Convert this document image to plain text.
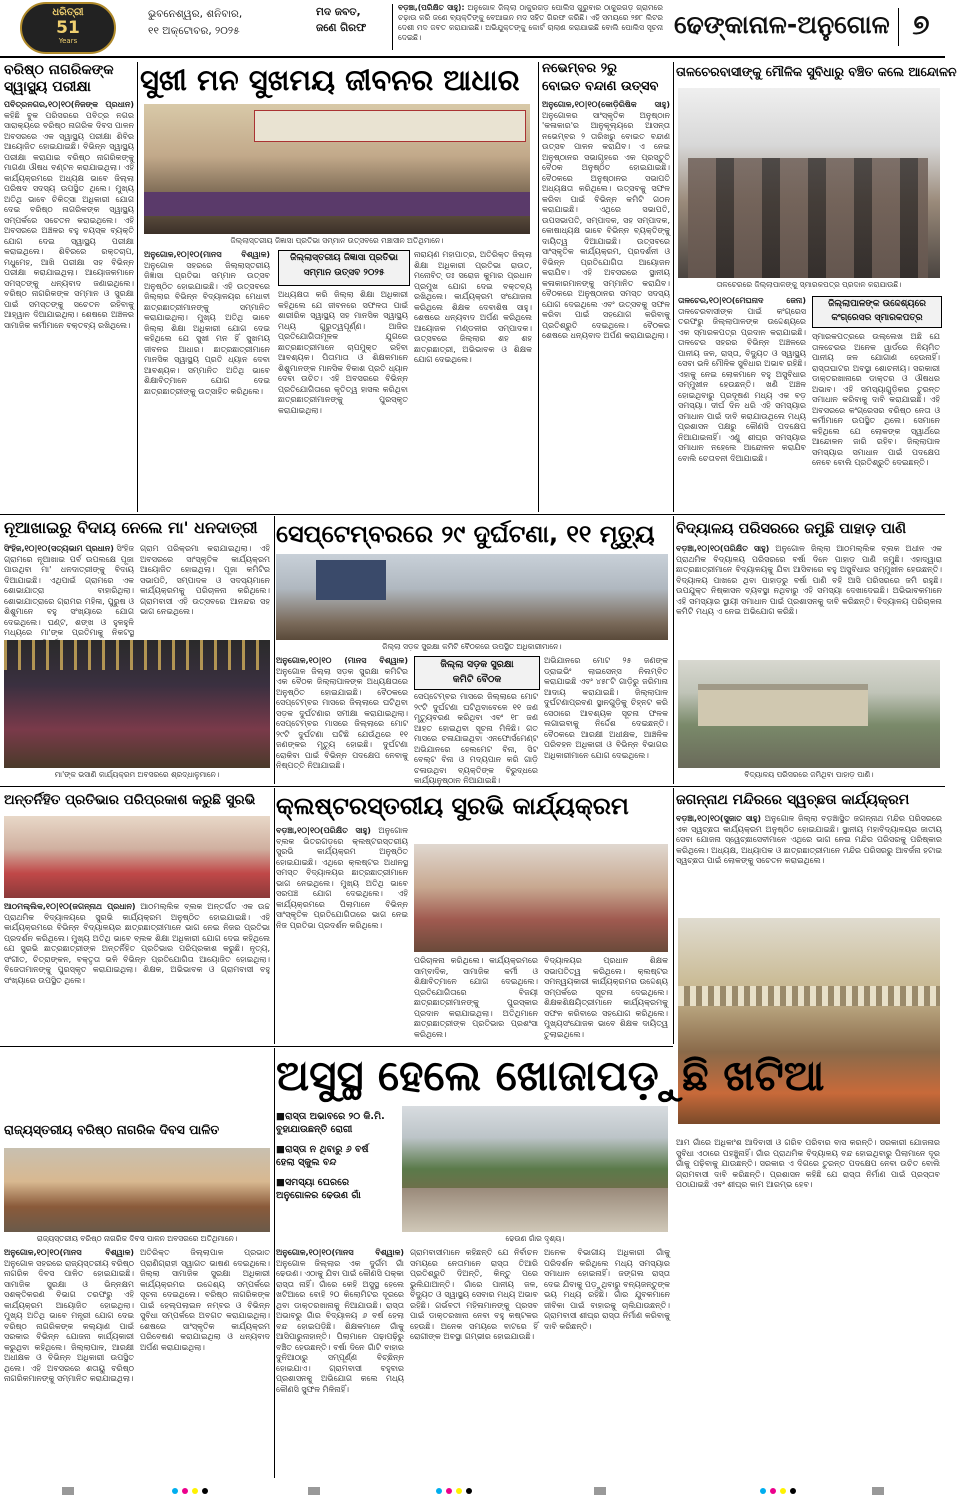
ଧରିତ୍ରୀ
51
Years
ଭୁବନେଶ୍ୱର, ଶନିବାର,
୧୧ ଅକ୍ଟୋବର, ୨୦୨୫
ମଦ ଜବତ,
ଜଣେ ଗିରଫ
ବଡ଼ଞ୍ଚା,(ପରିକ୍ଷିତ ସାହୁ): ଅନୁଗୋଳ ଜିଲ୍ଲା ଠାକୁରଗଡ଼ ପୋଲିସ ଗୁରୁବାର ଠାକୁରଗଡ଼ ଗ୍ରାମରେ ଚଢ଼ାଉ କରି ଜଣେ ବ୍ୟକ୍ତିଙ୍କୁ ବେଆଇନ ମଦ ସହିତ ଗିରଫ କରିଛି। ଏହି ସମୟରେ ୨୭୮ ଲିଟର ଦେଶୀ ମଦ ଜବତ କରାଯାଇଛି। ଅଭିଯୁକ୍ତଙ୍କୁ କୋର୍ଟ ଚାଲାଣ କରାଯାଇଛି ବୋଲି ପୋଲିସ ସୂଚନା ଦେଇଛି।	ଢେଙ୍କାନାଳ-ଅନୁଗୋଳ ୭
ବରିଷ୍ଠ ନାଗରିକଙ୍କ
ସ୍ୱାସ୍ଥ୍ୟ ପରୀକ୍ଷା
ପବିତ୍ରନଗର,୧୦|୧୦(ନିଜଙ୍କ ପ୍ରଧାନ) କହିଛି ବୁକ ପରିସରରେ ପବିତ୍ର ନଗର ସାରାକ୍ୟରେ ବରିଷ୍ଠ ନାଗରିକ ଦିବସ ପାଳନ ଅବସରରେ ଏକ ସ୍ୱାସ୍ଥ୍ୟ ପରୀକ୍ଷା ଶିବିର ଆୟୋଜିତ ହୋଇଯାଇଛି। ବିଭିନ୍ନ ସ୍ୱାସ୍ଥ୍ୟ ପରୀକ୍ଷା କରାଯାଇ ବରିଷ୍ଠ ନାଗରିକଙ୍କୁ ମାଗଣା ଔଷଧ ବଣ୍ଟନ କରାଯାଇଥିଲା। ଏହି କାର୍ଯ୍ୟକ୍ରମରେ ଅଧ୍ୟକ୍ଷ ଭାବେ ଜିଲ୍ଲା ପରିଷଦ ସଦସ୍ୟ ଉପସ୍ଥିତ ଥିଲେ। ମୁଖ୍ୟ ଅତିଥି ଭାବେ ଚିକିତ୍ସା ଅଧିକାରୀ ଯୋଗ ଦେଇ ବରିଷ୍ଠ ନାଗରିକଙ୍କ ସ୍ୱାସ୍ଥ୍ୟ ସମ୍ପର୍କରେ ସଚେତନ କରାଇଥିଲେ। ଏହି ଅବସରରେ ଅଞ୍ଚଳର ବହୁ ବୟସ୍କ ବ୍ୟକ୍ତି ଯୋଗ ଦେଇ ସ୍ୱାସ୍ଥ୍ୟ ପରୀକ୍ଷା କରାଇଥିଲେ। ଶିବିରରେ ରକ୍ତଚାପ, ମଧୁମେହ, ଆଖି ପରୀକ୍ଷା ସହ ବିଭିନ୍ନ ପରୀକ୍ଷା କରାଯାଇଥିଲା। ଆୟୋଜକମାନେ ସମସ୍ତଙ୍କୁ ଧନ୍ୟବାଦ ଜଣାଇଥିଲେ। ବରିଷ୍ଠ ନାଗରିକଙ୍କ ସମ୍ମାନ ଓ ସୁରକ୍ଷା ପାଇଁ ସମସ୍ତଙ୍କୁ ସଚେତନ ରହିବାକୁ ଆହ୍ୱାନ ଦିଆଯାଇଥିଲା। ଶେଷରେ ଅଞ୍ଚଳର ସାମାଜିକ କର୍ମୀମାନେ ବକ୍ତବ୍ୟ ରଖିଥିଲେ।
ସୁଖୀ ମନ ସୁଖମୟ ଜୀବନର ଆଧାର
ଜିଲ୍ଲାସ୍ତରୀୟ ଜିଜ୍ଞାସା ପ୍ରତିଭା ସମ୍ମାନ ଉତ୍ସବରେ ମଞ୍ଚାସୀନ ଅତିଥିମାନେ।
ଅନୁଗୋଳ,୧୦|୧୦(ମାନସ ବିଶ୍ୱାଳ) ଅନୁଗୋଳ ସହରରେ ଜିଲ୍ଲାସ୍ତରୀୟ ଜିଜ୍ଞାସା ପ୍ରତିଭା ସମ୍ମାନ ଉତ୍ସବ ଅନୁଷ୍ଠିତ ହୋଇଯାଇଛି। ଏହି ଉତ୍ସବରେ ଜିଲ୍ଲାର ବିଭିନ୍ନ ବିଦ୍ୟାଳୟର ମେଧାବୀ ଛାତ୍ରଛାତ୍ରୀମାନଙ୍କୁ ସମ୍ମାନିତ କରାଯାଇଥିଲା। ମୁଖ୍ୟ ଅତିଥି ଭାବେ ଜିଲ୍ଲା ଶିକ୍ଷା ଅଧିକାରୀ ଯୋଗ ଦେଇ କହିଥିଲେ ଯେ ସୁଖୀ ମନ ହିଁ ସୁଖମୟ ଜୀବନର ଆଧାର। ଛାତ୍ରଛାତ୍ରୀମାନେ ମାନସିକ ସ୍ୱାସ୍ଥ୍ୟ ପ୍ରତି ଧ୍ୟାନ ଦେବା ଆବଶ୍ୟକ। ସମ୍ମାନିତ ଅତିଥି ଭାବେ ଶିକ୍ଷାବିତ୍ମାନେ ଯୋଗ ଦେଇ ଛାତ୍ରଛାତ୍ରୀଙ୍କୁ ଉତ୍ସାହିତ କରିଥିଲେ।
ଜିଲ୍ଲାସ୍ତରୀୟ ଜିଜ୍ଞାସା ପ୍ରତିଭା
ସମ୍ମାନ ଉତ୍ସବ ୨୦୨୫
ଅଧ୍ୟକ୍ଷତା କରି ଜିଲ୍ଲା ଶିକ୍ଷା ଅଧିକାରୀ କହିଥିଲେ ଯେ ଜୀବନରେ ସଫଳତା ପାଇଁ ଶାରୀରିକ ସ୍ୱାସ୍ଥ୍ୟ ସହ ମାନସିକ ସ୍ୱାସ୍ଥ୍ୟ ମଧ୍ୟ ଗୁରୁତ୍ୱପୂର୍ଣ୍ଣ। ଆଜିର ପ୍ରତିଯୋଗିତାମୂଳକ ଯୁଗରେ ଛାତ୍ରଛାତ୍ରୀମାନେ ଚାପମୁକ୍ତ ରହିବା ଆବଶ୍ୟକ। ପିତାମାତା ଓ ଶିକ୍ଷକମାନେ ଶିଶୁମାନଙ୍କ ମାନସିକ ବିକାଶ ପ୍ରତି ଧ୍ୟାନ ଦେବା ଉଚିତ। ଏହି ଅବସରରେ ବିଭିନ୍ନ ପ୍ରତିଯୋଗିତାରେ କୃତିତ୍ୱ ହାସଲ କରିଥିବା ଛାତ୍ରଛାତ୍ରୀମାନଙ୍କୁ ପୁରସ୍କୃତ କରାଯାଇଥିଲା।
ନାରାୟଣ ମହାପାତ୍ର, ଅତିରିକ୍ତ ଜିଲ୍ଲା ଶିକ୍ଷା ଅଧିକାରୀ ପ୍ରତିଭା ରାଉତ, ମନୋବିତ୍ ଡଃ ସରୋଜ କୁମାର ପ୍ରଧାନ ପ୍ରମୁଖ ଯୋଗ ଦେଇ ବକ୍ତବ୍ୟ ରଖିଥିଲେ। କାର୍ଯ୍ୟକ୍ରମ ସଂଯୋଜନା କରିଥିଲେ ଶିକ୍ଷକ ଦେବାଶିଷ ସାହୁ। ଶେଷରେ ଧନ୍ୟବାଦ ଅର୍ପଣ କରିଥିଲେ ଆୟୋଜକ ମଣ୍ଡଳୀର ସମ୍ପାଦକ। ଉତ୍ସବରେ ଜିଲ୍ଲାର ଶହ ଶହ ଛାତ୍ରଛାତ୍ରୀ, ଅଭିଭାବକ ଓ ଶିକ୍ଷକ ଯୋଗ ଦେଇଥିଲେ।
ନଭେମ୍ବର ୨ରୁ
ବୋଇତ ବନ୍ଦାଣ ଉତ୍ସବ
ଅନୁଗୋଳ,୧୦|୧୦(କୋଡ଼ିରିଷିକ ସାହୁ) ଅନୁଗୋଳର ସାଂସ୍କୃତିକ ଅନୁଷ୍ଠାନ 'କଳାକାର'ର ଆନୁକୂଲ୍ୟରେ ଆସନ୍ତା ନଭେମ୍ବର ୨ ତାରିଖରୁ ବୋଇତ ବନ୍ଦାଣ ଉତ୍ସବ ପାଳନ କରାଯିବ। ଏ ନେଇ ଅନୁଷ୍ଠାନର ସଭାଗୃହରେ ଏକ ପ୍ରସ୍ତୁତି ବୈଠକ ଅନୁଷ୍ଠିତ ହୋଇଯାଇଛି। ବୈଠକରେ ଅନୁଷ୍ଠାନର ସଭାପତି ଅଧ୍ୟକ୍ଷତା କରିଥିଲେ। ଉତ୍ସବକୁ ସଫଳ କରିବା ପାଇଁ ବିଭିନ୍ନ କମିଟି ଗଠନ କରାଯାଇଛି। ଏଥିରେ ସଭାପତି, ଉପସଭାପତି, ସମ୍ପାଦକ, ସହ ସମ୍ପାଦକ, କୋଷାଧ୍ୟକ୍ଷ ଭାବେ ବିଭିନ୍ନ ବ୍ୟକ୍ତିଙ୍କୁ ଦାୟିତ୍ୱ ଦିଆଯାଇଛି। ଉତ୍ସବରେ ସାଂସ୍କୃତିକ କାର୍ଯ୍ୟକ୍ରମ, ପ୍ରଦର୍ଶନୀ ଓ ବିଭିନ୍ନ ପ୍ରତିଯୋଗିତା ଆୟୋଜନ କରାଯିବ। ଏହି ଅବସରରେ ସ୍ଥାନୀୟ କଳାକାରମାନଙ୍କୁ ସମ୍ମାନିତ କରାଯିବ। ବୈଠକରେ ଅନୁଷ୍ଠାନର ସମସ୍ତ ସଦସ୍ୟ ଯୋଗ ଦେଇଥିଲେ ଏବଂ ଉତ୍ସବକୁ ସଫଳ କରିବା ପାଇଁ ସହଯୋଗ କରିବାକୁ ପ୍ରତିଶ୍ରୁତି ଦେଇଥିଲେ। ବୈଠକର ଶେଷରେ ଧନ୍ୟବାଦ ଅର୍ପଣ କରାଯାଇଥିଲା।
ତାଳଚେରବାସୀଙ୍କୁ ମୌଳିକ ସୁବିଧାରୁ ବଞ୍ଚିତ କଲେ ଆନ୍ଦୋଳନ
ତାଳଚେରରେ ଜିଲ୍ଲାପାଳଙ୍କୁ ସ୍ମାରକପତ୍ର ପ୍ରଦାନ କରାଯାଉଛି।
ତାଳଚେର,୧୦|୧୦(ମେଘନାଦ ଜେନା) ତାଳଚେରବାସୀଙ୍କ ପାଇଁ କଂଗ୍ରେସ ତରଫରୁ ଜିଲ୍ଲାପାଳଙ୍କ ଉଦ୍ଦେଶ୍ୟରେ ଏକ ସ୍ମାରକପତ୍ର ପ୍ରଦାନ କରାଯାଇଛି। ତାଳଚେର ସହରର ବିଭିନ୍ନ ଅଞ୍ଚଳରେ ପାନୀୟ ଜଳ, ରାସ୍ତା, ବିଦ୍ୟୁତ ଓ ସ୍ୱାସ୍ଥ୍ୟ ସେବା ଭଳି ମୌଳିକ ସୁବିଧାର ଅଭାବ ରହିଛି। ଏହାକୁ ନେଇ ଲୋକମାନେ ବହୁ ଅସୁବିଧାର ସମ୍ମୁଖୀନ ହେଉଛନ୍ତି। ଖଣି ଅଞ୍ଚଳ ହୋଇଥିବାରୁ ପ୍ରଦୂଷଣ ମଧ୍ୟ ଏକ ବଡ଼ ସମସ୍ୟା। ଦୀର୍ଘ ଦିନ ଧରି ଏହି ସମସ୍ୟାର ସମାଧାନ ପାଇଁ ଦାବି କରାଯାଉଥିଲେ ମଧ୍ୟ ପ୍ରଶାସନ ପକ୍ଷରୁ କୌଣସି ପଦକ୍ଷେପ ନିଆଯାଇନାହିଁ। ଏଣୁ ଶୀଘ୍ର ସମସ୍ୟାର ସମାଧାନ ନହେଲେ ଆନ୍ଦୋଳନ କରାଯିବ ବୋଲି ଚେତାବନୀ ଦିଆଯାଇଛି।
ଜିଲ୍ଲାପାଳଙ୍କ ଉଦ୍ଦେଶ୍ୟରେ କଂଗ୍ରେସର ସ୍ମାରକପତ୍ର
ସ୍ମାରକପତ୍ରରେ ଉଲ୍ଲେଖ ଅଛି ଯେ ତାଳଚେରର ଅନେକ ୱାର୍ଡରେ ନିୟମିତ ପାନୀୟ ଜଳ ଯୋଗାଣ ହେଉନାହିଁ। ରାସ୍ତାଘାଟର ଅବସ୍ଥା ଶୋଚନୀୟ। ସରକାରୀ ଡାକ୍ତରଖାନାରେ ଡାକ୍ତର ଓ ଔଷଧର ଅଭାବ। ଏହି ସମସ୍ୟାଗୁଡ଼ିକର ତୁରନ୍ତ ସମାଧାନ କରିବାକୁ ଦାବି କରାଯାଇଛି। ଏହି ଅବସରରେ କଂଗ୍ରେସର ବରିଷ୍ଠ ନେତା ଓ କର୍ମୀମାନେ ଉପସ୍ଥିତ ଥିଲେ। ସେମାନେ କହିଥିଲେ ଯେ ଲୋକଙ୍କ ସ୍ୱାର୍ଥରେ ଆନ୍ଦୋଳନ ଜାରି ରହିବ। ଜିଲ୍ଲାପାଳ ସମସ୍ୟାର ସମାଧାନ ପାଇଁ ପଦକ୍ଷେପ ନେବେ ବୋଲି ପ୍ରତିଶ୍ରୁତି ଦେଇଛନ୍ତି।
ନୂଆଖାଇରୁ ବିଦାୟ ନେଲେ ମା' ଧନଦାତ୍ରୀ
ସିଂହିଜ,୧୦|୧୦(ସତ୍ୟଭାମ ପ୍ରଧାନ) ସିଂହିଜ ଗ୍ରାମରେ ନୂଆଖାଇ ପର୍ବ ଉପଲକ୍ଷେ ପୂଜା ପାଉଥିବା ମା' ଧନଦାତ୍ରୀଙ୍କୁ ବିଦାୟ ଦିଆଯାଇଛି। ଏଥିପାଇଁ ଗ୍ରାମରେ ଏକ ଶୋଭାଯାତ୍ରା ବାହାରିଥିଲା। ଶୋଭାଯାତ୍ରାରେ ଗ୍ରାମର ମହିଳା, ପୁରୁଷ ଓ ଶିଶୁମାନେ ବହୁ ସଂଖ୍ୟାରେ ଯୋଗ ଦେଇଥିଲେ। ଘଣ୍ଟ, ଶଙ୍ଖ ଓ ହୁଳହୁଳି ମଧ୍ୟରେ ମା'ଙ୍କ ପ୍ରତିମାକୁ ନିକଟସ୍ଥ
ଗ୍ରାମ ପରିକ୍ରମା କରାଯାଇଥିଲା। ଏହି ଅବସରରେ ସାଂସ୍କୃତିକ କାର୍ଯ୍ୟକ୍ରମ ଆୟୋଜିତ ହୋଇଥିଲା। ପୂଜା କମିଟିର ସଭାପତି, ସମ୍ପାଦକ ଓ ସଦସ୍ୟମାନେ କାର୍ଯ୍ୟକ୍ରମକୁ ପରିଚାଳନା କରିଥିଲେ। ଗ୍ରାମବାସୀ ଏହି ଉତ୍ସବରେ ଆନନ୍ଦର ସହ ଭାଗ ନେଇଥିଲେ।
ମା'ଙ୍କ ଭସାଣି କାର୍ଯ୍ୟକ୍ରମ ଅବସରରେ ଶ୍ରଦ୍ଧାଳୁମାନେ।
ସେପ୍ଟେମ୍ବରରେ ୨୯ ଦୁର୍ଘଟଣା, ୧୧ ମୃତ୍ୟୁ
ଜିଲ୍ଲା ସଡ଼କ ସୁରକ୍ଷା କମିଟି ବୈଠକରେ ଉପସ୍ଥିତ ଅଧିକାରୀମାନେ।
ଅନୁଗୋଳ,୧୦|୧୦ (ମାନସ ବିଶ୍ୱାଳ) ଅନୁଗୋଳ ଜିଲ୍ଲା ସଡ଼କ ସୁରକ୍ଷା କମିଟିର ଏକ ବୈଠକ ଜିଲ୍ଲାପାଳଙ୍କ ଅଧ୍ୟକ୍ଷତାରେ ଅନୁଷ୍ଠିତ ହୋଇଯାଇଛି। ବୈଠକରେ ସେପ୍ଟେମ୍ବର ମାସରେ ଜିଲ୍ଲାରେ ଘଟିଥିବା ସଡ଼କ ଦୁର୍ଘଟଣାର ସମୀକ୍ଷା କରାଯାଇଥିଲା। ସେପ୍ଟେମ୍ବର ମାସରେ ଜିଲ୍ଲାରେ ମୋଟ ୨୯ଟି ଦୁର୍ଘଟଣା ଘଟିଛି ଯେଉଁଥିରେ ୧୧ ଜଣଙ୍କର ମୃତ୍ୟୁ ହୋଇଛି। ଦୁର୍ଘଟଣା ରୋକିବା ପାଇଁ ବିଭିନ୍ନ ପଦକ୍ଷେପ ନେବାକୁ ନିଷ୍ପତ୍ତି ନିଆଯାଇଛି।
ଜିଲ୍ଲା ସଡ଼କ ସୁରକ୍ଷା
କମିଟି ବୈଠକ
ସେପ୍ଟେମ୍ବର ମାସରେ ଜିଲ୍ଲାରେ ମୋଟ ୨୯ଟି ଦୁର୍ଘଟଣା ଘଟିଥିବାବେଳେ ୧୧ ଜଣ ମୃତ୍ୟୁବରଣ କରିଥିବା ଏବଂ ୧୮ ଜଣ ଆହତ ହୋଇଥିବା ସୂଚନା ମିଳିଛି। ଗତ ମାସରେ ଚଳାଯାଇଥିବା ଏନଫୋର୍ସମେଣ୍ଟ ଅଭିଯାନରେ ହେଲମେଟ ବିନା, ସିଟ ବେଲ୍ଟ ବିନା ଓ ମଦ୍ୟପାନ କରି ଗାଡ଼ି ଚଳାଉଥିବା ବ୍ୟକ୍ତିଙ୍କ ବିରୁଦ୍ଧରେ କାର୍ଯ୍ୟାନୁଷ୍ଠାନ ନିଆଯାଇଛି।
ଅଭିଯାନରେ ମୋଟ ୨୫ ଜଣଙ୍କ ଡ୍ରାଇଭିଂ ଲାଇସେନ୍ସ ନିଲମ୍ବିତ କରାଯାଇଛି ଏବଂ ୪୫୮ଟି ଗାଡ଼ିରୁ ଜରିମାନା ଆଦାୟ କରାଯାଇଛି। ଜିଲ୍ଲାପାଳ ଦୁର୍ଘଟଣାପ୍ରବଣ ସ୍ଥାନଗୁଡ଼ିକୁ ଚିହ୍ନଟ କରି ସେଠାରେ ଆବଶ୍ୟକ ସୂଚନା ଫଳକ ଲଗାଇବାକୁ ନିର୍ଦ୍ଦେଶ ଦେଇଛନ୍ତି। ବୈଠକରେ ଆରକ୍ଷୀ ଅଧୀକ୍ଷକ, ଆଞ୍ଚଳିକ ପରିବହନ ଅଧିକାରୀ ଓ ବିଭିନ୍ନ ବିଭାଗର ଅଧିକାରୀମାନେ ଯୋଗ ଦେଇଥିଲେ।
ବିଦ୍ୟାଳୟ ପରିସରରେ ଜମୁଛି ପାହାଡ଼ ପାଣି
ବଡ଼ଞ୍ଚା,୧୦|୧୦(ପରିକ୍ଷିତ ସାହୁ) ଅନୁଗୋଳ ଜିଲ୍ଲା ଆଠମଲ୍ଲିକ ବ୍ଲକ ଅଧୀନ ଏକ ପ୍ରାଥମିକ ବିଦ୍ୟାଳୟ ପରିସରରେ ବର୍ଷା ଦିନେ ପାହାଡ଼ ପାଣି ଜମୁଛି। ଏହାଦ୍ୱାରା ଛାତ୍ରଛାତ୍ରୀମାନେ ବିଦ୍ୟାଳୟକୁ ଯିବା ଆସିବାରେ ବହୁ ଅସୁବିଧାର ସମ୍ମୁଖୀନ ହେଉଛନ୍ତି। ବିଦ୍ୟାଳୟ ପାଖରେ ଥିବା ପାହାଡ଼ରୁ ବର୍ଷା ପାଣି ବହି ଆସି ପରିସରରେ ଜମି ରହୁଛି। ଉପଯୁକ୍ତ ନିଷ୍କାସନ ବ୍ୟବସ୍ଥା ନଥିବାରୁ ଏହି ସମସ୍ୟା ଦେଖାଦେଇଛି। ଅଭିଭାବକମାନେ ଏହି ସମସ୍ୟାର ସ୍ଥାୟୀ ସମାଧାନ ପାଇଁ ପ୍ରଶାସନକୁ ଦାବି କରିଛନ୍ତି। ବିଦ୍ୟାଳୟ ପରିଚାଳନା କମିଟି ମଧ୍ୟ ଏ ନେଇ ଅଭିଯୋଗ କରିଛି।
ବିଦ୍ୟାଳୟ ପରିସରରେ ଜମିଥିବା ପାହାଡ଼ ପାଣି।
ଅନ୍ତର୍ନିହିତ ପ୍ରତିଭାର ପରିପ୍ରକାଶ କରୁଛି ସୁରଭି
ଆଠମଲ୍ଲିକ,୧୦|୧୦(ଜଗନ୍ନାଥ ପ୍ରଧାନ) ଆଠମଲ୍ଲିକ ବ୍ଲକ ଅନ୍ତର୍ଗତ ଏକ ଉଚ୍ଚ ପ୍ରାଥମିକ ବିଦ୍ୟାଳୟରେ ସୁରଭି କାର୍ଯ୍ୟକ୍ରମ ଅନୁଷ୍ଠିତ ହୋଇଯାଇଛି। ଏହି କାର୍ଯ୍ୟକ୍ରମରେ ବିଭିନ୍ନ ବିଦ୍ୟାଳୟର ଛାତ୍ରଛାତ୍ରୀମାନେ ଭାଗ ନେଇ ନିଜର ପ୍ରତିଭା ପ୍ରଦର୍ଶନ କରିଥିଲେ। ମୁଖ୍ୟ ଅତିଥି ଭାବେ ବ୍ଲକ ଶିକ୍ଷା ଅଧିକାରୀ ଯୋଗ ଦେଇ କହିଥିଲେ ଯେ ସୁରଭି ଛାତ୍ରଛାତ୍ରୀଙ୍କ ଅନ୍ତର୍ନିହିତ ପ୍ରତିଭାର ପରିପ୍ରକାଶ କରୁଛି। ନୃତ୍ୟ, ସଂଗୀତ, ଚିତ୍ରାଙ୍କନ, ବକ୍ତୃତା ଭଳି ବିଭିନ୍ନ ପ୍ରତିଯୋଗିତା ଆୟୋଜିତ ହୋଇଥିଲା। ବିଜେତାମାନଙ୍କୁ ପୁରସ୍କୃତ କରାଯାଇଥିଲା। ଶିକ୍ଷକ, ଅଭିଭାବକ ଓ ଗ୍ରାମବାସୀ ବହୁ ସଂଖ୍ୟାରେ ଉପସ୍ଥିତ ଥିଲେ।
କ୍ଲଷ୍ଟରସ୍ତରୀୟ ସୁରଭି କାର୍ଯ୍ୟକ୍ରମ
ବଡ଼ଞ୍ଚା,୧୦|୧୦(ପରିକ୍ଷିତ ସାହୁ) ଅନୁଗୋଳ ବ୍ଲକ ଭିତରଗଡ଼ରେ କ୍ଲଷ୍ଟରସ୍ତରୀୟ ସୁରଭି କାର୍ଯ୍ୟକ୍ରମ ଅନୁଷ୍ଠିତ ହୋଇଯାଇଛି। ଏଥିରେ କ୍ଲଷ୍ଟର ଅଧୀନସ୍ଥ ସମସ୍ତ ବିଦ୍ୟାଳୟର ଛାତ୍ରଛାତ୍ରୀମାନେ ଭାଗ ନେଇଥିଲେ। ମୁଖ୍ୟ ଅତିଥି ଭାବେ ସରପଞ୍ଚ ଯୋଗ ଦେଇଥିଲେ। ଏହି କାର୍ଯ୍ୟକ୍ରମରେ ପିଲାମାନେ ବିଭିନ୍ନ ସାଂସ୍କୃତିକ ପ୍ରତିଯୋଗିତାରେ ଭାଗ ନେଇ ନିଜ ପ୍ରତିଭା ପ୍ରଦର୍ଶନ କରିଥିଲେ।
ପରିଚାଳନା କରିଥିଲେ। କାର୍ଯ୍ୟକ୍ରମରେ ସାମ୍ବାଦିକ, ସାମାଜିକ କର୍ମୀ ଓ ଶିକ୍ଷାବିତ୍ମାନେ ଯୋଗ ଦେଇଥିଲେ। ପ୍ରତିଯୋଗିତାରେ ବିଜୟୀ ଛାତ୍ରଛାତ୍ରୀମାନଙ୍କୁ ପୁରସ୍କାର ପ୍ରଦାନ କରାଯାଇଥିଲା। ଅତିଥିମାନେ ଛାତ୍ରଛାତ୍ରୀଙ୍କ ପ୍ରତିଭାର ପ୍ରଶଂସା କରିଥିଲେ।
ବିଦ୍ୟାଳୟର ପ୍ରଧାନ ଶିକ୍ଷକ ସଭାପତିତ୍ୱ କରିଥିଲେ। କ୍ଲଷ୍ଟର ସମନ୍ୱୟକାରୀ କାର୍ଯ୍ୟକ୍ରମର ଉଦ୍ଦେଶ୍ୟ ସମ୍ପର୍କରେ ସୂଚନା ଦେଇଥିଲେ। ଶିକ୍ଷକଶିକ୍ଷୟିତ୍ରୀମାନେ କାର୍ଯ୍ୟକ୍ରମକୁ ସଫଳ କରିବାରେ ସହଯୋଗ କରିଥିଲେ। ମୁଖ୍ୟସଂଯୋଜକ ଭାବେ ଶିକ୍ଷକ ଦାୟିତ୍ୱ ତୁଲାଇଥିଲେ।
ଜଗନ୍ନାଥ ମନ୍ଦିରରେ ସ୍ୱଚ୍ଛତା କାର୍ଯ୍ୟକ୍ରମ
ବଡ଼ଞ୍ଚା,୧୦|୧୦(ସୁଜାତ ସାହୁ) ଅନୁଗୋଳ ଜିଲ୍ଲା ବଡ଼ଞ୍ଚାସ୍ଥିତ ଜଗନ୍ନାଥ ମନ୍ଦିର ପରିସରରେ ଏକ ସ୍ୱଚ୍ଛତା କାର୍ଯ୍ୟକ୍ରମ ଅନୁଷ୍ଠିତ ହୋଇଯାଇଛି। ସ୍ଥାନୀୟ ମହାବିଦ୍ୟାଳୟର ଜାତୀୟ ସେବା ଯୋଜନା ସ୍ୱେଚ୍ଛାସେବୀମାନେ ଏଥିରେ ଭାଗ ନେଇ ମନ୍ଦିର ପରିସରକୁ ପରିଷ୍କାର କରିଥିଲେ। ଅଧ୍ୟକ୍ଷ, ଅଧ୍ୟାପକ ଓ ଛାତ୍ରଛାତ୍ରୀମାନେ ମନ୍ଦିର ପରିସରରୁ ଆବର୍ଜନା ହଟାଇ ସ୍ୱଚ୍ଛତା ପାଇଁ ଲୋକଙ୍କୁ ସଚେତନ କରାଇଥିଲେ।
ଅସୁସ୍ଥ ହେଲେ ଖୋଜାପଡ଼ୁଛି ଖଟିଆ
■ରାସ୍ତା ଅଭାବରେ ୨୦ କି.ମି.
ବୁହାଯାଉଛନ୍ତି ରୋଗୀ
■ରାସ୍ତା ନ ଥିବାରୁ ୬ ବର୍ଷ
ହେଲା ସ୍କୁଲ ବନ୍ଦ
■ସମସ୍ୟା ଘେରରେ
ଅନୁଗୋଳର ଢେଉଣ ଗାଁ
ଢେଉଣ ଗାଁର ଦୃଶ୍ୟ।
ଅନୁଗୋଳ,୧୦|୧୦(ମାନସ ବିଶ୍ୱାଳ) ଅନୁଗୋଳ ଜିଲ୍ଲାର ଏକ ଦୁର୍ଗମ ଗାଁ ଢେଉଣ। ଏଠାକୁ ଯିବା ପାଇଁ କୌଣସି ପକ୍କା ରାସ୍ତା ନାହିଁ। ଗାଁରେ କେହି ଅସୁସ୍ଥ ହେଲେ ଖଟିଆରେ ବୋହି ୨୦ କିଲୋମିଟର ଦୂରରେ ଥିବା ଡାକ୍ତରଖାନାକୁ ନିଆଯାଉଛି। ରାସ୍ତା ଅଭାବରୁ ଗାଁର ବିଦ୍ୟାଳୟ ୬ ବର୍ଷ ହେଲା ବନ୍ଦ ହୋଇପଡ଼ିଛି। ଶିକ୍ଷକମାନେ ଗାଁକୁ ଆସିପାରୁନାହାନ୍ତି। ପିଲାମାନେ ପଢ଼ାପଢ଼ିରୁ ବଞ୍ଚିତ ହେଉଛନ୍ତି। ବର୍ଷା ଦିନେ ଗାଁଟି ବାହାର ଦୁନିଆଠାରୁ ସମ୍ପୂର୍ଣ୍ଣ ବିଚ୍ଛିନ୍ନ ହୋଇଯାଏ। ଗ୍ରାମବାସୀ ବହୁବାର ପ୍ରଶାସନକୁ ଅଭିଯୋଗ କଲେ ମଧ୍ୟ କୌଣସି ସୁଫଳ ମିଳିନାହିଁ।
ଗ୍ରାମବାସୀମାନେ କହିଛନ୍ତି ଯେ ନିର୍ବାଚନ ସମୟରେ ନେତାମାନେ ରାସ୍ତା ତିଆରି ପ୍ରତିଶ୍ରୁତି ଦିଅନ୍ତି, କିନ୍ତୁ ପରେ ଭୁଲିଯାଆନ୍ତି। ଗାଁରେ ପାନୀୟ ଜଳ, ବିଦ୍ୟୁତ ଓ ସ୍ୱାସ୍ଥ୍ୟ ସେବାର ମଧ୍ୟ ଅଭାବ ରହିଛି। ଗର୍ଭବତୀ ମହିଳାମାନଙ୍କୁ ପ୍ରସବ ପାଇଁ ଡାକ୍ତରଖାନା ନେବା ବହୁ କଷ୍ଟକର ହେଉଛି। ଅନେକ ସମୟରେ ବାଟରେ ହିଁ ରୋଗୀଙ୍କ ଅବସ୍ଥା ଗମ୍ଭୀର ହୋଇଯାଉଛି।
ଅନେକ ବିଭାଗୀୟ ଅଧିକାରୀ ଗାଁକୁ ପରିଦର୍ଶନ କରିଥିଲେ ମଧ୍ୟ ସମସ୍ୟାର ସମାଧାନ ହୋଇନାହିଁ। ଜଙ୍ଗଲ ରାସ୍ତା ଦେଇ ଯିବାକୁ ପଡ଼ୁଥିବାରୁ ବନ୍ୟଜନ୍ତୁଙ୍କ ଭୟ ମଧ୍ୟ ରହିଛି। ଗାଁର ଯୁବକମାନେ ଜୀବିକା ପାଇଁ ବାହାରକୁ ଚାଲିଯାଉଛନ୍ତି। ଗ୍ରାମବାସୀ ଶୀଘ୍ର ରାସ୍ତା ନିର୍ମାଣ କରିବାକୁ ଦାବି କରିଛନ୍ତି।
ଆମ ଗାଁରେ ଅଧିକାଂଶ ଆଦିବାସୀ ଓ ଗରିବ ପରିବାର ବାସ କରନ୍ତି। ସରକାରୀ ଯୋଜନାର ସୁବିଧା ଏଠାରେ ପହଞ୍ଚୁନାହିଁ। ଗାଁର ପ୍ରାଥମିକ ବିଦ୍ୟାଳୟ ବନ୍ଦ ହୋଇଥିବାରୁ ପିଲାମାନେ ଦୂର ଗାଁକୁ ପଢ଼ିବାକୁ ଯାଉଛନ୍ତି। ସରକାର ଏ ଦିଗରେ ତୁରନ୍ତ ପଦକ୍ଷେପ ନେବା ଉଚିତ ବୋଲି ଗ୍ରାମବାସୀ ଦାବି କରିଛନ୍ତି। ପ୍ରଶାସନ କହିଛି ଯେ ରାସ୍ତା ନିର୍ମାଣ ପାଇଁ ପ୍ରସ୍ତାବ ପଠାଯାଇଛି ଏବଂ ଶୀଘ୍ର କାମ ଆରମ୍ଭ ହେବ।
ରାଜ୍ୟସ୍ତରୀୟ ବରିଷ୍ଠ ନାଗରିକ ଦିବସ ପାଳିତ
ରାଜ୍ୟସ୍ତରୀୟ ବରିଷ୍ଠ ନାଗରିକ ଦିବସ ପାଳନ ଅବସରରେ ଅତିଥିମାନେ।
ଅନୁଗୋଳ,୧୦|୧୦(ମାନସ ବିଶ୍ୱାଳ) ଅନୁଗୋଳ ସହରରେ ରାଜ୍ୟସ୍ତରୀୟ ବରିଷ୍ଠ ନାଗରିକ ଦିବସ ପାଳିତ ହୋଇଯାଇଛି। ସାମାଜିକ ସୁରକ୍ଷା ଓ ଭିନ୍ନକ୍ଷମ ସଶକ୍ତିକରଣ ବିଭାଗ ତରଫରୁ ଏହି କାର୍ଯ୍ୟକ୍ରମ ଆୟୋଜିତ ହୋଇଥିଲା। ମୁଖ୍ୟ ଅତିଥି ଭାବେ ମନ୍ତ୍ରୀ ଯୋଗ ଦେଇ ବରିଷ୍ଠ ନାଗରିକଙ୍କ କଲ୍ୟାଣ ପାଇଁ ସରକାର ବିଭିନ୍ନ ଯୋଜନା କାର୍ଯ୍ୟକାରୀ କରୁଥିବା କହିଥିଲେ। ଜିଲ୍ଲାପାଳ, ଆରକ୍ଷୀ ଅଧୀକ୍ଷକ ଓ ବିଭିନ୍ନ ଅଧିକାରୀ ଉପସ୍ଥିତ ଥିଲେ। ଏହି ଅବସରରେ ଶତାୟୁ ବରିଷ୍ଠ ନାଗରିକମାନଙ୍କୁ ସମ୍ମାନିତ କରାଯାଇଥିଲା।
ଅତିରିକ୍ତ ଜିଲ୍ଲାପାଳ ପ୍ରଭାତ ପ୍ରାଣିଗ୍ରାହୀ ସ୍ୱାଗତ ଭାଷଣ ଦେଇଥିଲେ। ଜିଲ୍ଲା ସାମାଜିକ ସୁରକ୍ଷା ଅଧିକାରୀ କାର୍ଯ୍ୟକ୍ରମର ଉଦ୍ଦେଶ୍ୟ ସମ୍ପର୍କରେ ସୂଚନା ଦେଇଥିଲେ। ବରିଷ୍ଠ ନାଗରିକଙ୍କ ପାଇଁ ହେଲ୍ପଲାଇନ ନମ୍ବର ଓ ବିଭିନ୍ନ ସୁବିଧା ସମ୍ପର୍କରେ ଅବଗତ କରାଯାଇଥିଲା। ଶେଷରେ ସାଂସ୍କୃତିକ କାର୍ଯ୍ୟକ୍ରମ ପରିବେଷଣ କରାଯାଇଥିଲା ଓ ଧନ୍ୟବାଦ ଅର୍ପଣ କରାଯାଇଥିଲା।
